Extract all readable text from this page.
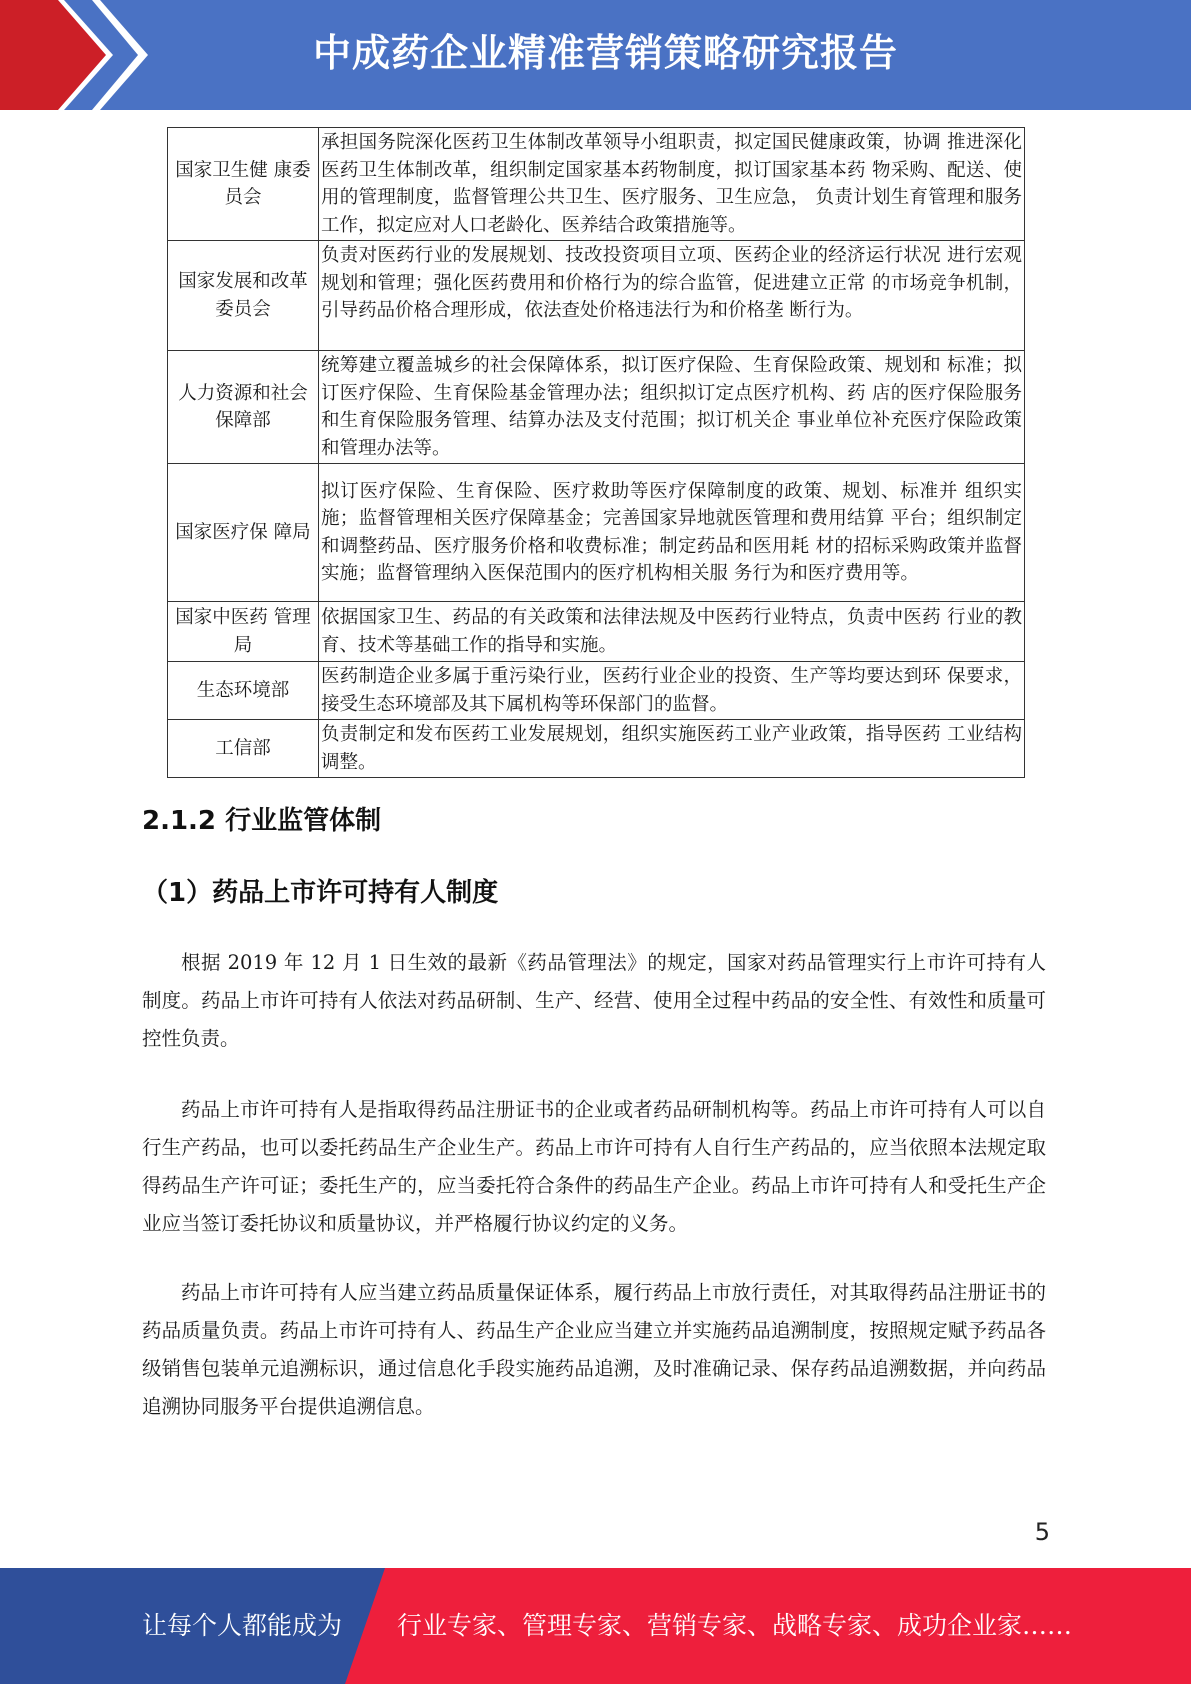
中成药企业精准营销策略研究报告
国家卫生健 康委员会	承担国务院深化医药卫生体制改革领导小组职责，拟定国民健康政策，协调 推进深化医药卫生体制改革，组织制定国家基本药物制度，拟订国家基本药 物采购、配送、使用的管理制度，监督管理公共卫生、医疗服务、卫生应急， 负责计划生育管理和服务工作，拟定应对人口老龄化、医养结合政策措施等。
国家发展和改革委员会	负责对医药行业的发展规划、技改投资项目立项、医药企业的经济运行状况 进行宏观规划和管理；强化医药费用和价格行为的综合监管，促进建立正常 的市场竞争机制，引导药品价格合理形成，依法查处价格违法行为和价格垄 断行为。
人力资源和社会保障部	统筹建立覆盖城乡的社会保障体系，拟订医疗保险、生育保险政策、规划和 标准；拟订医疗保险、生育保险基金管理办法；组织拟订定点医疗机构、药 店的医疗保险服务和生育保险服务管理、结算办法及支付范围；拟订机关企 事业单位补充医疗保险政策和管理办法等。
国家医疗保 障局	拟订医疗保险、生育保险、医疗救助等医疗保障制度的政策、规划、标准并 组织实施；监督管理相关医疗保障基金；完善国家异地就医管理和费用结算 平台；组织制定和调整药品、医疗服务价格和收费标准；制定药品和医用耗 材的招标采购政策并监督实施；监督管理纳入医保范围内的医疗机构相关服 务行为和医疗费用等。
国家中医药 管理局	依据国家卫生、药品的有关政策和法律法规及中医药行业特点，负责中医药 行业的教育、技术等基础工作的指导和实施。
生态环境部	医药制造企业多属于重污染行业，医药行业企业的投资、生产等均要达到环 保要求，接受生态环境部及其下属机构等环保部门的监督。
工信部	负责制定和发布医药工业发展规划，组织实施医药工业产业政策，指导医药 工业结构调整。
2.1.2 行业监管体制
（1）药品上市许可持有人制度

根据 2019 年 12 月 1 日生效的最新《药品管理法》的规定，国家对药品管理实行上市许可持有人制度。药品上市许可持有人依法对药品研制、生产、经营、使用全过程中药品的安全性、有效性和质量可控性负责。

药品上市许可持有人是指取得药品注册证书的企业或者药品研制机构等。药品上市许可持有人可以自行生产药品，也可以委托药品生产企业生产。药品上市许可持有人自行生产药品的，应当依照本法规定取得药品生产许可证；委托生产的，应当委托符合条件的药品生产企业。药品上市许可持有人和受托生产企业应当签订委托协议和质量协议，并严格履行协议约定的义务。

药品上市许可持有人应当建立药品质量保证体系，履行药品上市放行责任，对其取得药品注册证书的药品质量负责。药品上市许可持有人、药品生产企业应当建立并实施药品追溯制度，按照规定赋予药品各级销售包装单元追溯标识，通过信息化手段实施药品追溯，及时准确记录、保存药品追溯数据，并向药品追溯协同服务平台提供追溯信息。

5
让每个人都能成为 行业专家、管理专家、营销专家、战略专家、成功企业家……
